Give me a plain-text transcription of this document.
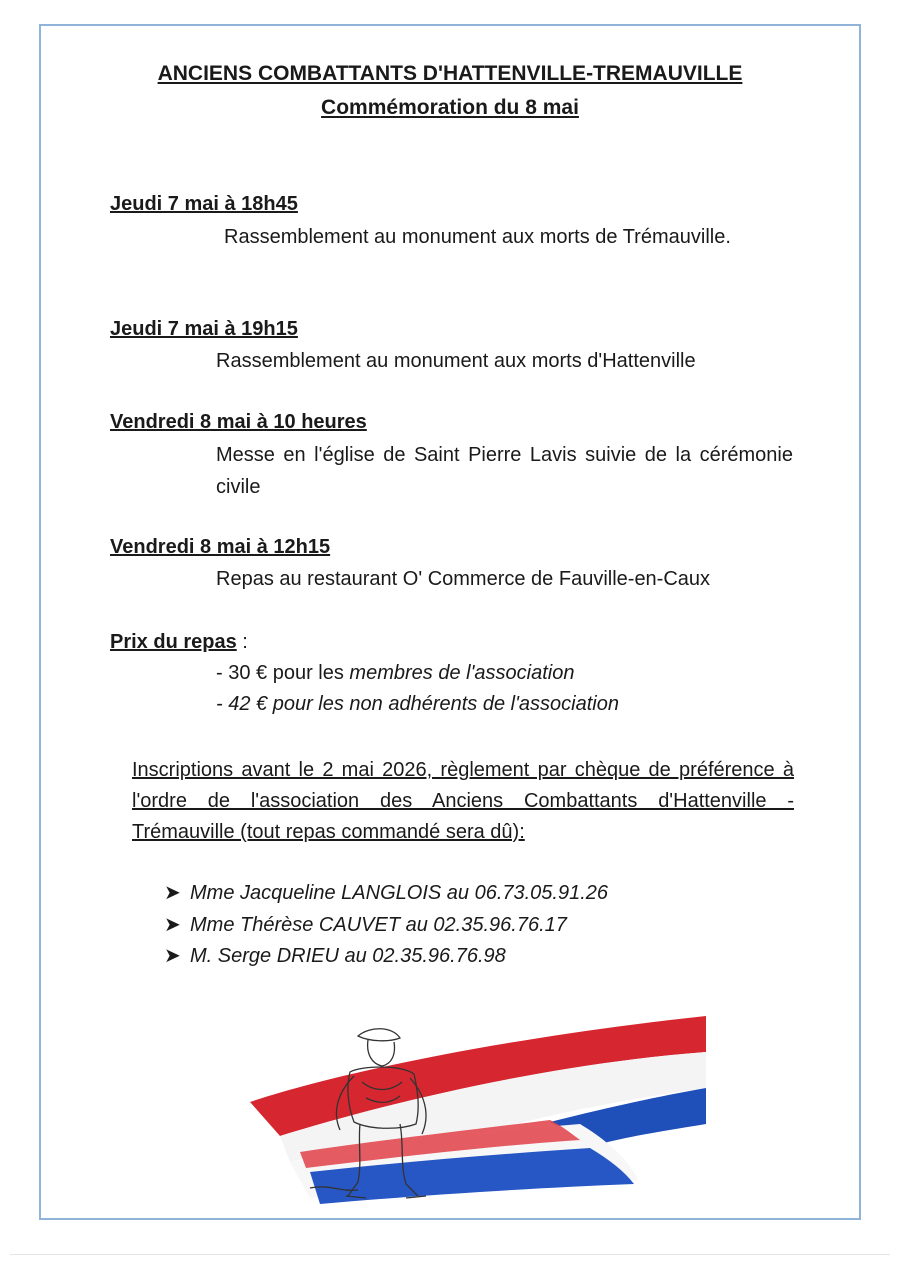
ANCIENS COMBATTANTS D'HATTENVILLE-TREMAUVILLE
Commémoration du 8 mai
Jeudi 7 mai à 18h45
Rassemblement au monument aux morts de Trémauville.
Jeudi 7 mai à 19h15
Rassemblement au monument aux morts d'Hattenville
Vendredi 8 mai à 10 heures
Messe en l'église de Saint Pierre Lavis suivie de la cérémonie civile
Vendredi 8 mai à 12h15
Repas au restaurant O' Commerce de Fauville-en-Caux
Prix du repas :
- 30 € pour les membres de l'association
- 42 € pour les non adhérents de l'association
Inscriptions avant le 2 mai 2026, règlement par chèque de préférence à l'ordre de l'association des Anciens Combattants d'Hattenville - Trémauville (tout repas commandé sera dû):
➤ Mme Jacqueline LANGLOIS au 06.73.05.91.26
➤ Mme Thérèse CAUVET au 02.35.96.76.17
➤ M. Serge DRIEU au 02.35.96.76.98
